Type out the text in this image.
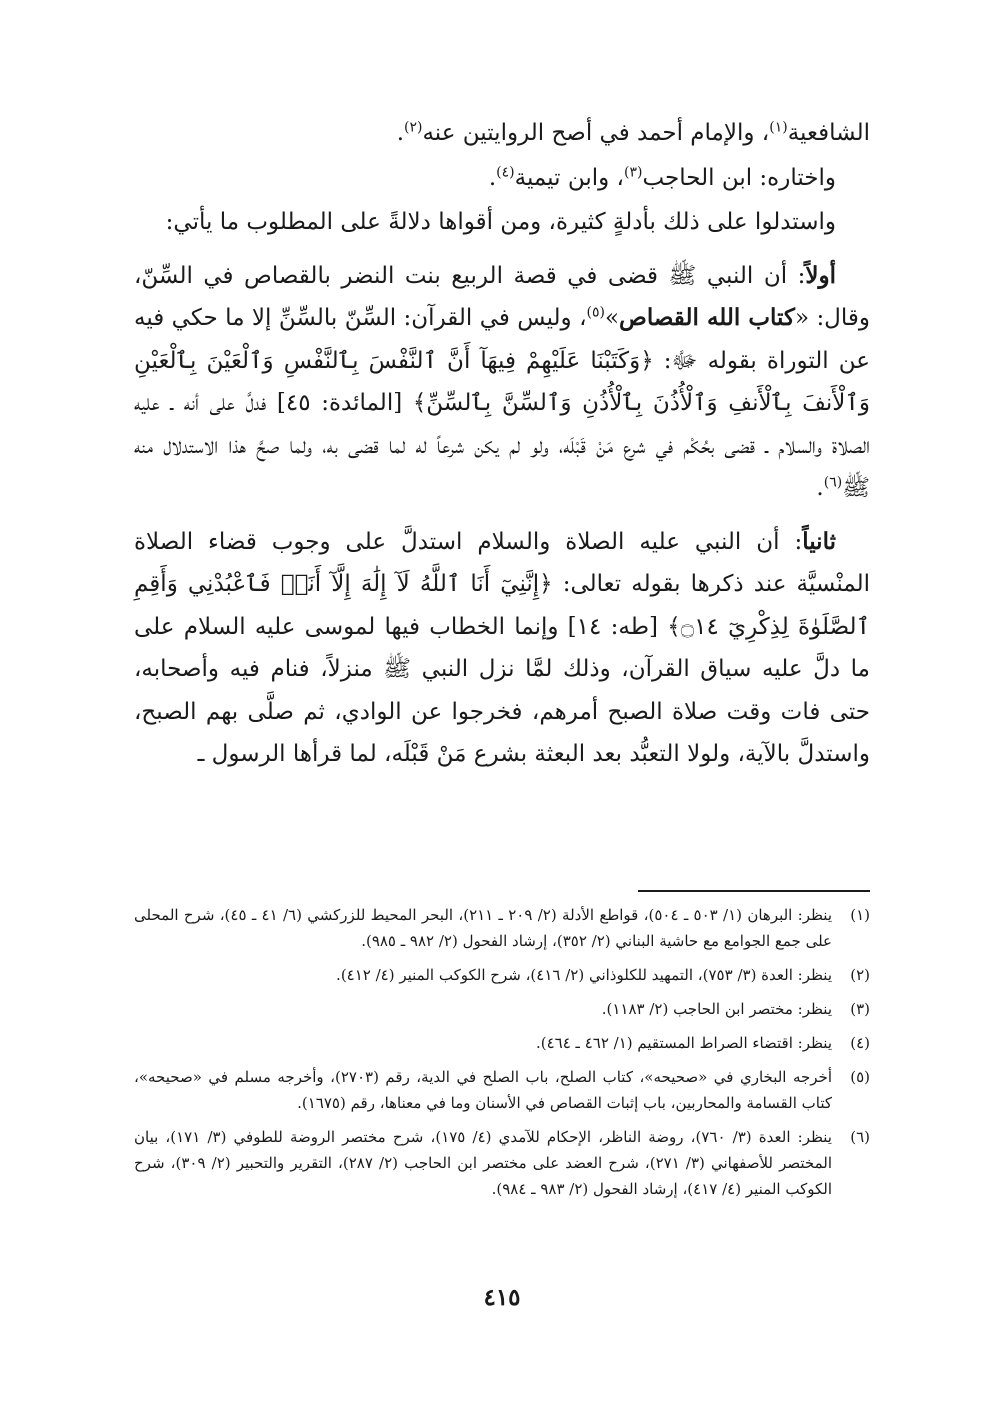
الشافعية$^{(١)}$، والإمام أحمد في أصح الروايتين عنه$^{(٢)}$.

واختاره: ابن الحاجب$^{(٣)}$، وابن تيمية$^{(٤)}$.

واستدلوا على ذلك بأدلةٍ كثيرة، ومن أقواها دلالةً على المطلوب ما يأتي:

أولاً: أن النبي ﷺ قضى في قصة الربيع بنت النضر بالقصاص في السِّنّ، وقال: «كتاب الله القصاص»$^{(٥)}$، وليس في القرآن: السِّنّ بالسِّنِّ إلا ما حكي فيه عن التوراة بقوله ﷻ: ﴿وَكَتَبْنَا عَلَيْهِمْ فِيهَآ أَنَّ ٱلنَّفْسَ بِٱلنَّفْسِ وَٱلْعَيْنَ بِٱلْعَيْنِ وَٱلْأَنفَ بِٱلْأَنفِ وَٱلْأُذُنَ بِٱلْأُذُنِ وَٱلسِّنَّ بِٱلسِّنِّ﴾ [المائدة: ٤٥] فدلَّ على أنه ـ عليه الصلاة والسلام ـ قضى بحُكْم في شرع مَنْ قَبْلَه، ولو لم يكن شرعاً له لما قضى به، ولما صحَّ هذا الاستدلال منه ﷺ$^{(٦)}$.

ثانياً: أن النبي عليه الصلاة والسلام استدلَّ على وجوب قضاء الصلاة المنْسيَّة عند ذكرها بقوله تعالى: ﴿إِنَّنِيٓ أَنَا ٱللَّهُ لَآ إِلَٰهَ إِلَّآ أَنَا۠ فَٱعْبُدْنِي وَأَقِمِ ٱلصَّلَوٰةَ لِذِكْرِيٓ ۝١٤﴾ [طه: ١٤] وإنما الخطاب فيها لموسى عليه السلام على ما دلَّ عليه سياق القرآن، وذلك لمَّا نزل النبي ﷺ منزلاً، فنام فيه وأصحابه، حتى فات وقت صلاة الصبح أمرهم، فخرجوا عن الوادي، ثم صلَّى بهم الصبح، واستدلَّ بالآية، ولولا التعبُّد بعد البعثة بشرع مَنْ قَبْلَه، لما قرأها الرسول ـ

(١)
ينظر: البرهان (١/ ٥٠٣ ـ ٥٠٤)، قواطع الأدلة (٢/ ٢٠٩ ـ ٢١١)، البحر المحيط للزركشي (٦/ ٤١ ـ ٤٥)، شرح المحلى على جمع الجوامع مع حاشية البناني (٢/ ٣٥٢)، إرشاد الفحول (٢/ ٩٨٢ ـ ٩٨٥).
(٢)
ينظر: العدة (٣/ ٧٥٣)، التمهيد للكلوذاني (٢/ ٤١٦)، شرح الكوكب المنير (٤/ ٤١٢).
(٣)
ينظر: مختصر ابن الحاجب (٢/ ١١٨٣).
(٤)
ينظر: اقتضاء الصراط المستقيم (١/ ٤٦٢ ـ ٤٦٤).
(٥)
أخرجه البخاري في «صحيحه»، كتاب الصلح، باب الصلح في الدية، رقم (٢٧٠٣)، وأخرجه مسلم في «صحيحه»، كتاب القسامة والمحاربين، باب إثبات القصاص في الأسنان وما في معناها، رقم (١٦٧٥).
(٦)
ينظر: العدة (٣/ ٧٦٠)، روضة الناظر، الإحكام للآمدي (٤/ ١٧٥)، شرح مختصر الروضة للطوفي (٣/ ١٧١)، بيان المختصر للأصفهاني (٣/ ٢٧١)، شرح العضد على مختصر ابن الحاجب (٢/ ٢٨٧)، التقرير والتحبير (٢/ ٣٠٩)، شرح الكوكب المنير (٤/ ٤١٧)، إرشاد الفحول (٢/ ٩٨٣ ـ ٩٨٤).
٤١٥
